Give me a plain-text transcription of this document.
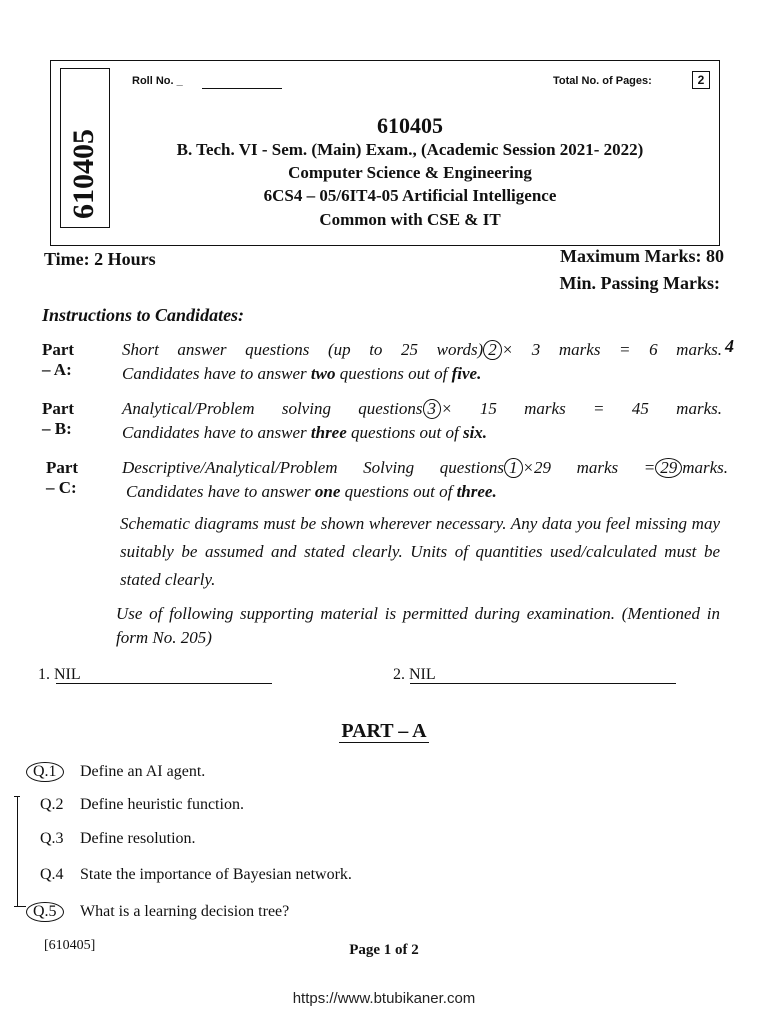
610405
Roll No. _	Total No. of Pages:	2
610405
B. Tech. VI - Sem. (Main) Exam., (Academic Session 2021- 2022)
Computer Science & Engineering
6CS4 – 05/6IT4-05 Artificial Intelligence
Common with CSE & IT
Time: 2 Hours	Maximum Marks: 80
Min. Passing Marks:
Instructions to Candidates:
Part – A:
Short answer questions (up to 25 words) 2 × 3 marks = 6 marks.
Candidates have to answer two questions out of five.
4
Part – B:
Analytical/Problem solving questions 3 × 15 marks = 45 marks.
Candidates have to answer three questions out of six.
Part – C:
Descriptive/Analytical/Problem Solving questions 1 ×29 marks = 29 marks.
Candidates have to answer one questions out of three.
Schematic diagrams must be shown wherever necessary. Any data you feel missing may suitably be assumed and stated clearly. Units of quantities used/calculated must be stated clearly.
Use of following supporting material is permitted during examination. (Mentioned in form No. 205)
1. NIL	2. NIL
PART – A
Q.1 Define an AI agent.
Q.2 Define heuristic function.
Q.3 Define resolution.
Q.4 State the importance of Bayesian network.
Q.5 What is a learning decision tree?
[610405]	Page 1 of 2
https://www.btubikaner.com
